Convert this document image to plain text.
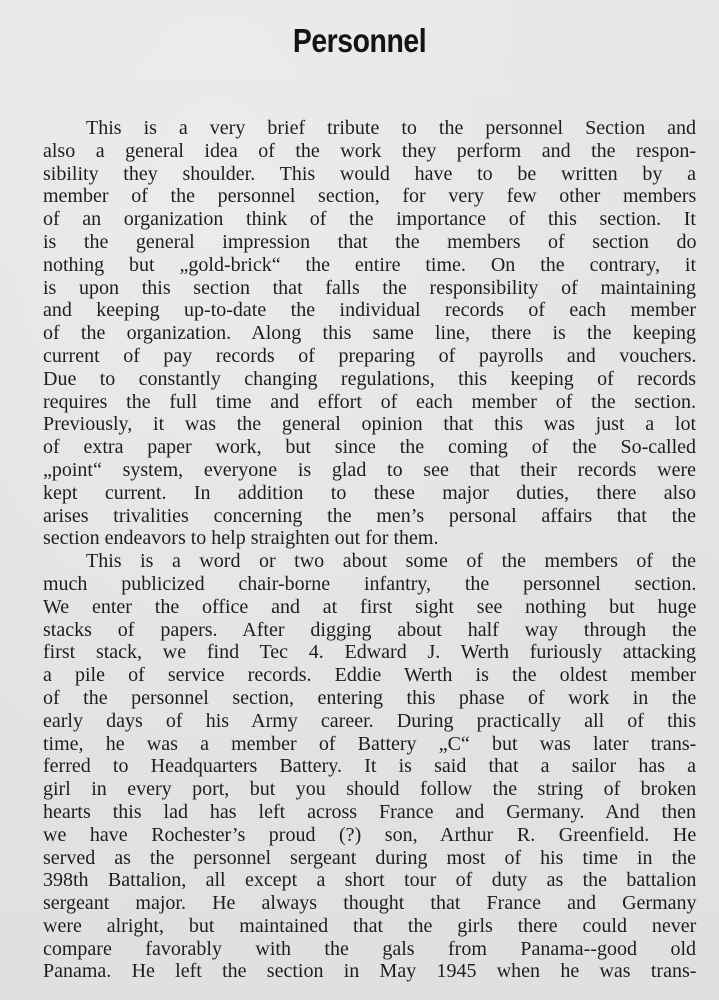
Personnel

This is a very brief tribute to the personnel Section and
also a general idea of the work they perform and the respon-
sibility they shoulder. This would have to be written by a
member of the personnel section, for very few other members
of an organization think of the importance of this section. It
is the general impression that the members of section do
nothing but „gold-brick“ the entire time. On the contrary, it
is upon this section that falls the responsibility of maintaining
and keeping up-to-date the individual records of each member
of the organization. Along this same line, there is the keeping
current of pay records of preparing of payrolls and vouchers.
Due to constantly changing regulations, this keeping of records
requires the full time and effort of each member of the section.
Previously, it was the general opinion that this was just a lot
of extra paper work, but since the coming of the So-called
„point“ system, everyone is glad to see that their records were
kept current. In addition to these major duties, there also
arises trivalities concerning the men’s personal affairs that the
section endeavors to help straighten out for them.

This is a word or two about some of the members of the
much publicized chair-borne infantry, the personnel section.
We enter the office and at first sight see nothing but huge
stacks of papers. After digging about half way through the
first stack, we find Tec 4. Edward J. Werth furiously attacking
a pile of service records. Eddie Werth is the oldest member
of the personnel section, entering this phase of work in the
early days of his Army career. During practically all of this
time, he was a member of Battery „C“ but was later trans-
ferred to Headquarters Battery. It is said that a sailor has a
girl in every port, but you should follow the string of broken
hearts this lad has left across France and Germany. And then
we have Rochester’s proud (?) son, Arthur R. Greenfield. He
served as the personnel sergeant during most of his time in the
398th Battalion, all except a short tour of duty as the battalion
sergeant major. He always thought that France and Germany
were alright, but maintained that the girls there could never
compare favorably with the gals from Panama--good old
Panama. He left the section in May 1945 when he was trans-
